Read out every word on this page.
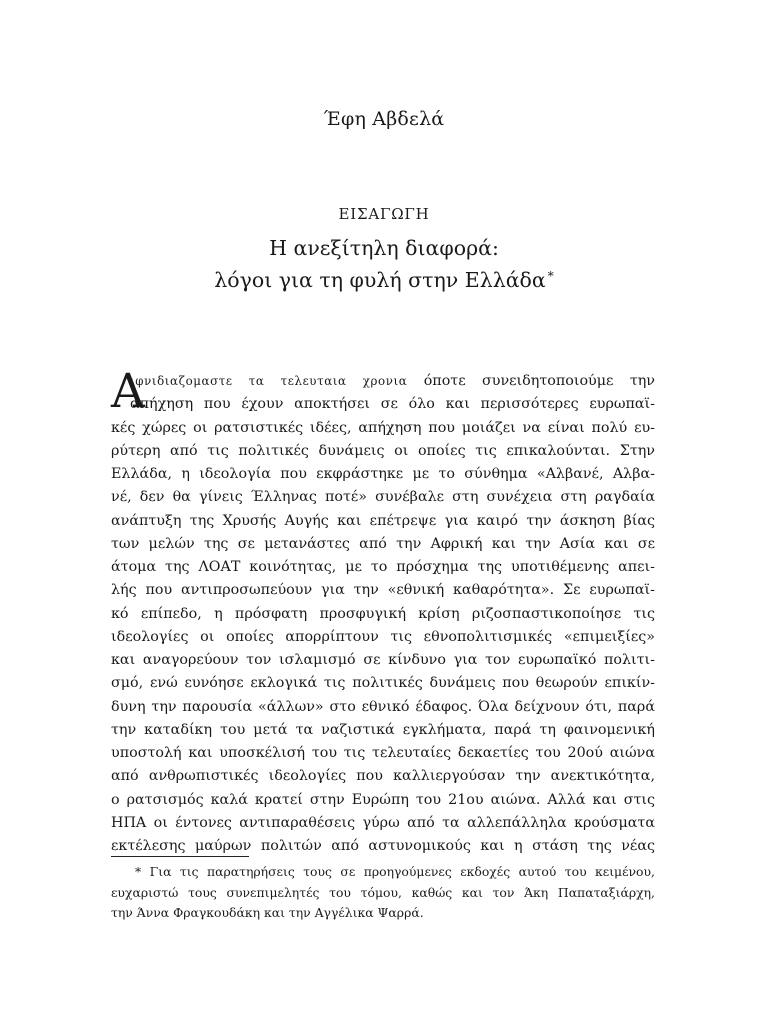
Έφη Αβδελά
ΕΙΣΑΓΩΓΗ
Η ανεξίτηλη διαφορά:
λόγοι για τη φυλή στην Ελλάδα *
Α
ιφνιδιαζομαστε τα τελευταια χρονια όποτε συνειδητοποιούμε την
απήχηση που έχουν αποκτήσει σε όλο και περισσότερες ευρωπαϊ-
κές χώρες οι ρατσιστικές ιδέες, απήχηση που μοιάζει να είναι πολύ ευ-
ρύτερη από τις πολιτικές δυνάμεις οι οποίες τις επικαλούνται. Στην
Ελλάδα, η ιδεολογία που εκφράστηκε με το σύνθημα «Αλβανέ, Αλβα-
νέ, δεν θα γίνεις Έλληνας ποτέ» συνέβαλε στη συνέχεια στη ραγδαία
ανάπτυξη της Χρυσής Αυγής και επέτρεψε για καιρό την άσκηση βίας
των μελών της σε μετανάστες από την Αφρική και την Ασία και σε
άτομα της ΛΟΑΤ κοινότητας, με το πρόσχημα της υποτιθέμενης απει-
λής που αντιπροσωπεύουν για την «εθνική καθαρότητα». Σε ευρωπαϊ-
κό επίπεδο, η πρόσφατη προσφυγική κρίση ριζοσπαστικοποίησε τις
ιδεολογίες οι οποίες απορρίπτουν τις εθνοπολιτισμικές «επιμειξίες»
και αναγορεύουν τον ισλαμισμό σε κίνδυνο για τον ευρωπαϊκό πολιτι-
σμό, ενώ ευνόησε εκλογικά τις πολιτικές δυνάμεις που θεωρούν επικίν-
δυνη την παρουσία «άλλων» στο εθνικό έδαφος. Όλα δείχνουν ότι, παρά
την καταδίκη του μετά τα ναζιστικά εγκλήματα, παρά τη φαινομενική
υποστολή και υποσκέλισή του τις τελευταίες δεκαετίες του 20ού αιώνα
από ανθρωπιστικές ιδεολογίες που καλλιεργούσαν την ανεκτικότητα,
ο ρατσισμός καλά κρατεί στην Ευρώπη του 21ου αιώνα. Αλλά και στις
ΗΠΑ οι έντονες αντιπαραθέσεις γύρω από τα αλλεπάλληλα κρούσματα
εκτέλεσης μαύρων πολιτών από αστυνομικούς και η στάση της νέας
* Για τις παρατηρήσεις τους σε προηγούμενες εκδοχές αυτού του κειμένου,
ευχαριστώ τους συνεπιμελητές του τόμου, καθώς και τον Άκη Παπαταξιάρχη,
την Άννα Φραγκουδάκη και την Αγγέλικα Ψαρρά.
